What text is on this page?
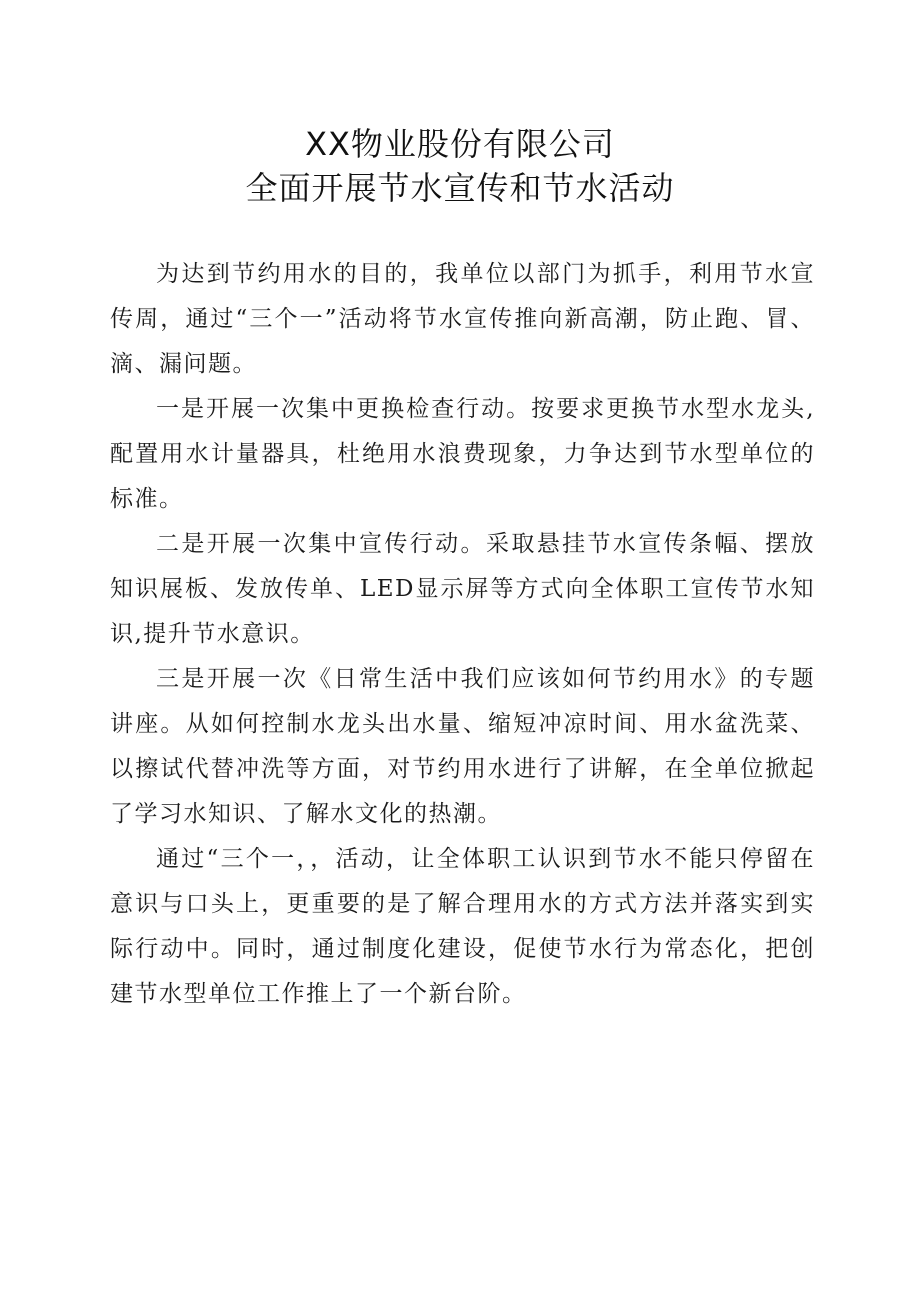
XX物业股份有限公司
全面开展节水宣传和节水活动

为达到节约用水的目的，我单位以部门为抓手，利用节水宣传周，通过“三个一”活动将节水宣传推向新高潮，防止跑、冒、滴、漏问题。

一是开展一次集中更换检查行动。按要求更换节水型水龙头,配置用水计量器具，杜绝用水浪费现象，力争达到节水型单位的标准。

二是开展一次集中宣传行动。采取悬挂节水宣传条幅、摆放知识展板、发放传单、LED显示屏等方式向全体职工宣传节水知识,提升节水意识。

三是开展一次《日常生活中我们应该如何节约用水》的专题讲座。从如何控制水龙头出水量、缩短冲凉时间、用水盆洗菜、以擦试代替冲洗等方面，对节约用水进行了讲解，在全单位掀起了学习水知识、了解水文化的热潮。

通过“三个一，，活动，让全体职工认识到节水不能只停留在意识与口头上，更重要的是了解合理用水的方式方法并落实到实际行动中。同时，通过制度化建设，促使节水行为常态化，把创建节水型单位工作推上了一个新台阶。
